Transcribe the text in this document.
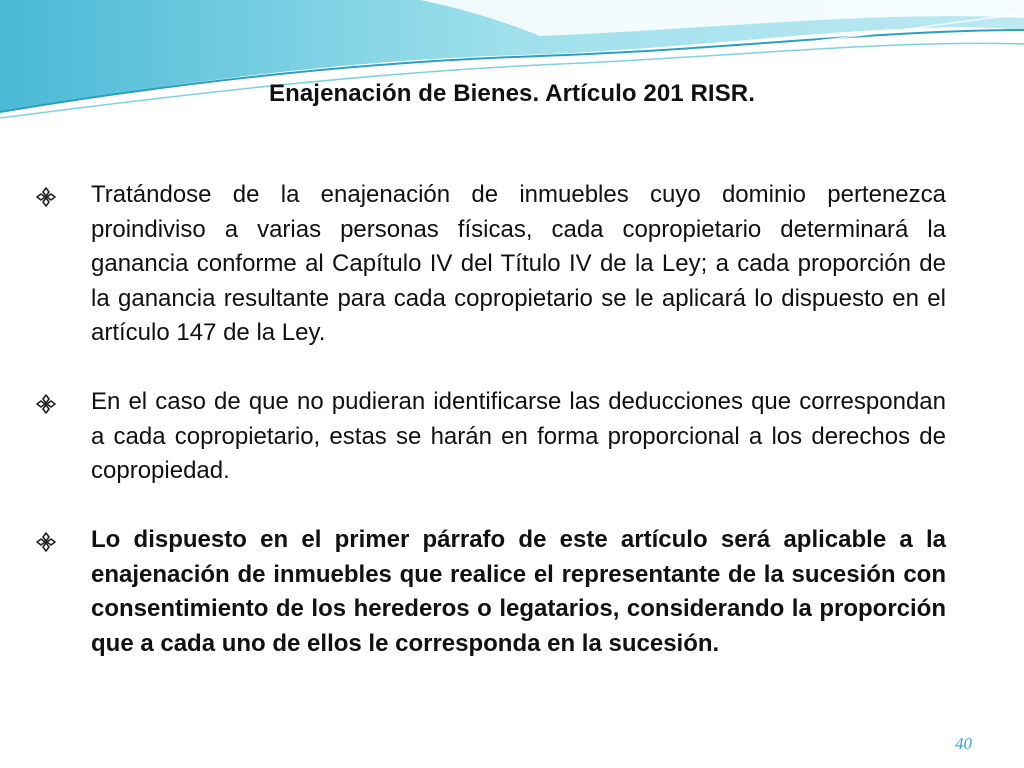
Enajenación de Bienes. Artículo 201 RISR.
Tratándose de la enajenación de inmuebles cuyo dominio pertenezca proindiviso a varias personas físicas, cada copropietario determinará la ganancia conforme al Capítulo IV del Título IV de la Ley; a cada proporción de la ganancia resultante para cada copropietario se le aplicará lo dispuesto en el artículo 147 de la Ley.
En el caso de que no pudieran identificarse las deducciones que correspondan a cada copropietario, estas se harán en forma proporcional a los derechos de copropiedad.
Lo dispuesto en el primer párrafo de este artículo será aplicable a la enajenación de inmuebles que realice el representante de la sucesión con consentimiento de los herederos o legatarios, considerando la proporción que a cada uno de ellos le corresponda en la sucesión.
40
